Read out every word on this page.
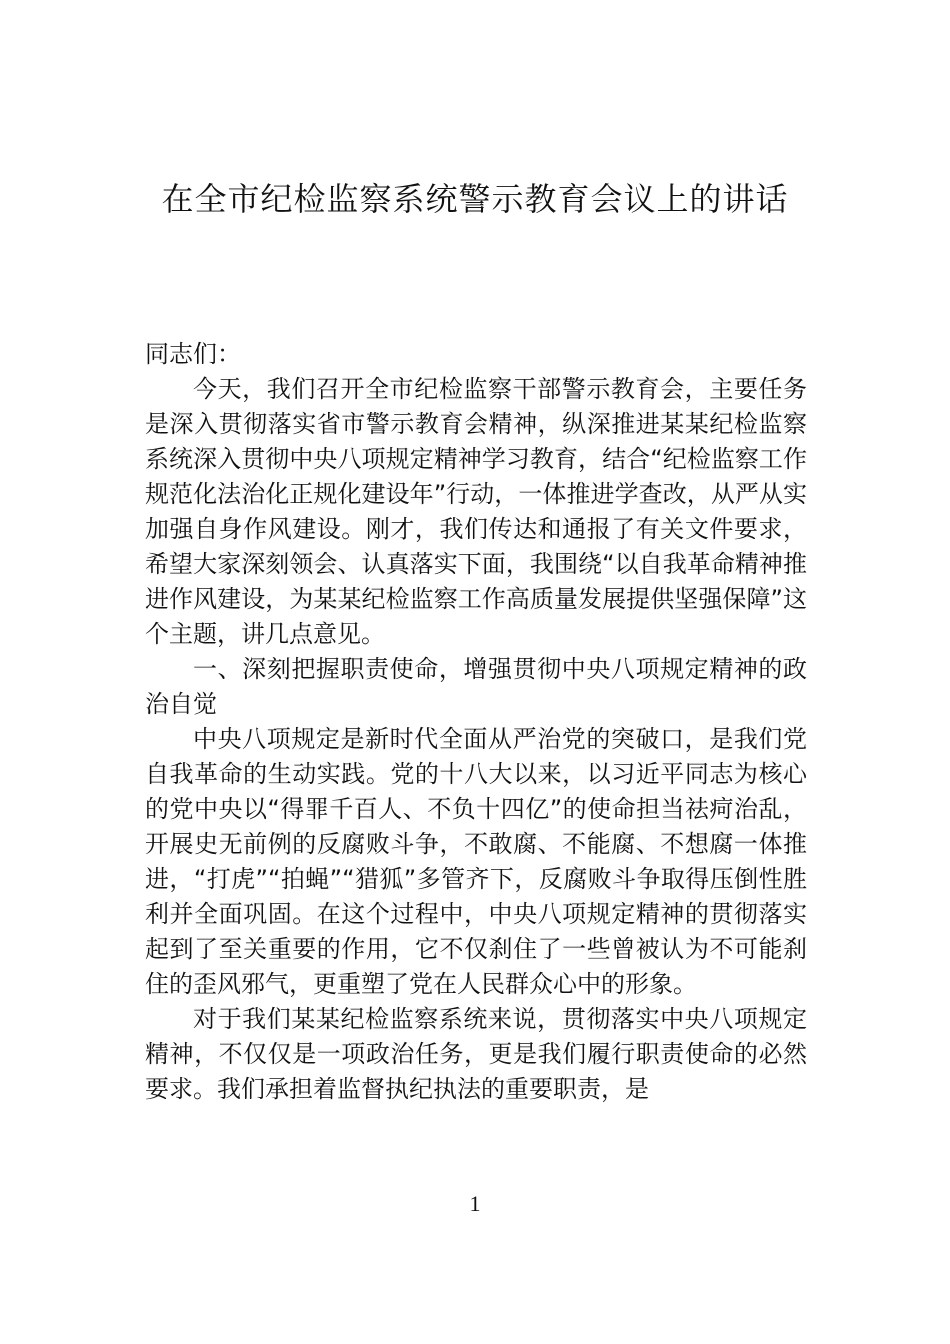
在全市纪检监察系统警示教育会议上的讲话

同志们：

今天，我们召开全市纪检监察干部警示教育会，主要任务是深入贯彻落实省市警示教育会精神，纵深推进某某纪检监察系统深入贯彻中央八项规定精神学习教育，结合“纪检监察工作规范化法治化正规化建设年”行动，一体推进学查改，从严从实加强自身作风建设。刚才，我们传达和通报了有关文件要求，希望大家深刻领会、认真落实下面，我围绕“以自我革命精神推进作风建设，为某某纪检监察工作高质量发展提供坚强保障”这个主题，讲几点意见。

一、深刻把握职责使命，增强贯彻中央八项规定精神的政治自觉

中央八项规定是新时代全面从严治党的突破口，是我们党自我革命的生动实践。党的十八大以来，以习近平同志为核心的党中央以“得罪千百人、不负十四亿”的使命担当祛疴治乱，开展史无前例的反腐败斗争，不敢腐、不能腐、不想腐一体推进，“打虎”“拍蝇”“猎狐”多管齐下，反腐败斗争取得压倒性胜利并全面巩固。在这个过程中，中央八项规定精神的贯彻落实起到了至关重要的作用，它不仅刹住了一些曾被认为不可能刹住的歪风邪气，更重塑了党在人民群众心中的形象。

对于我们某某纪检监察系统来说，贯彻落实中央八项规定精神，不仅仅是一项政治任务，更是我们履行职责使命的必然要求。我们承担着监督执纪执法的重要职责，是

1
